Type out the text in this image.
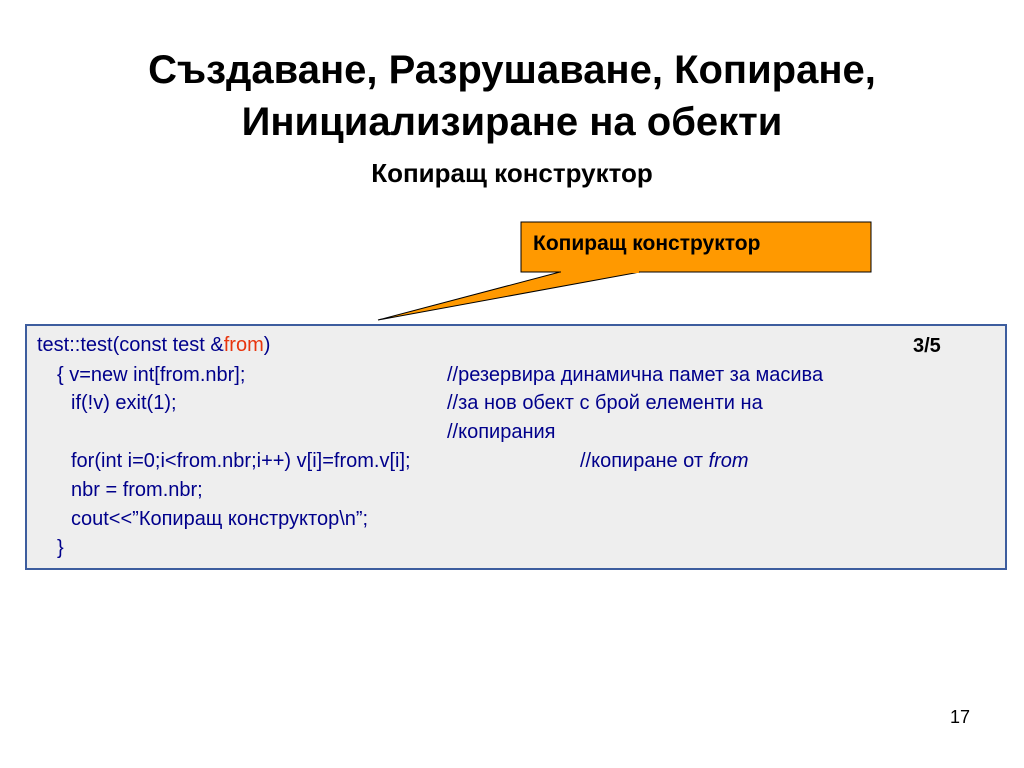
Създаване, Разрушаване, Копиране,
Инициализиране на обекти
Копиращ конструктор
Копиращ конструктор
test::test(const test &from)	3/5
{ v=new int[from.nbr];	//резервира динамична памет за масива
if(!v) exit(1);	//за нов обект с брой елементи на
//копирания
for(int i=0;i<from.nbr;i++) v[i]=from.v[i];	//копиране от from
nbr = from.nbr;
cout<<”Копиращ конструктор\n”;
}
17
